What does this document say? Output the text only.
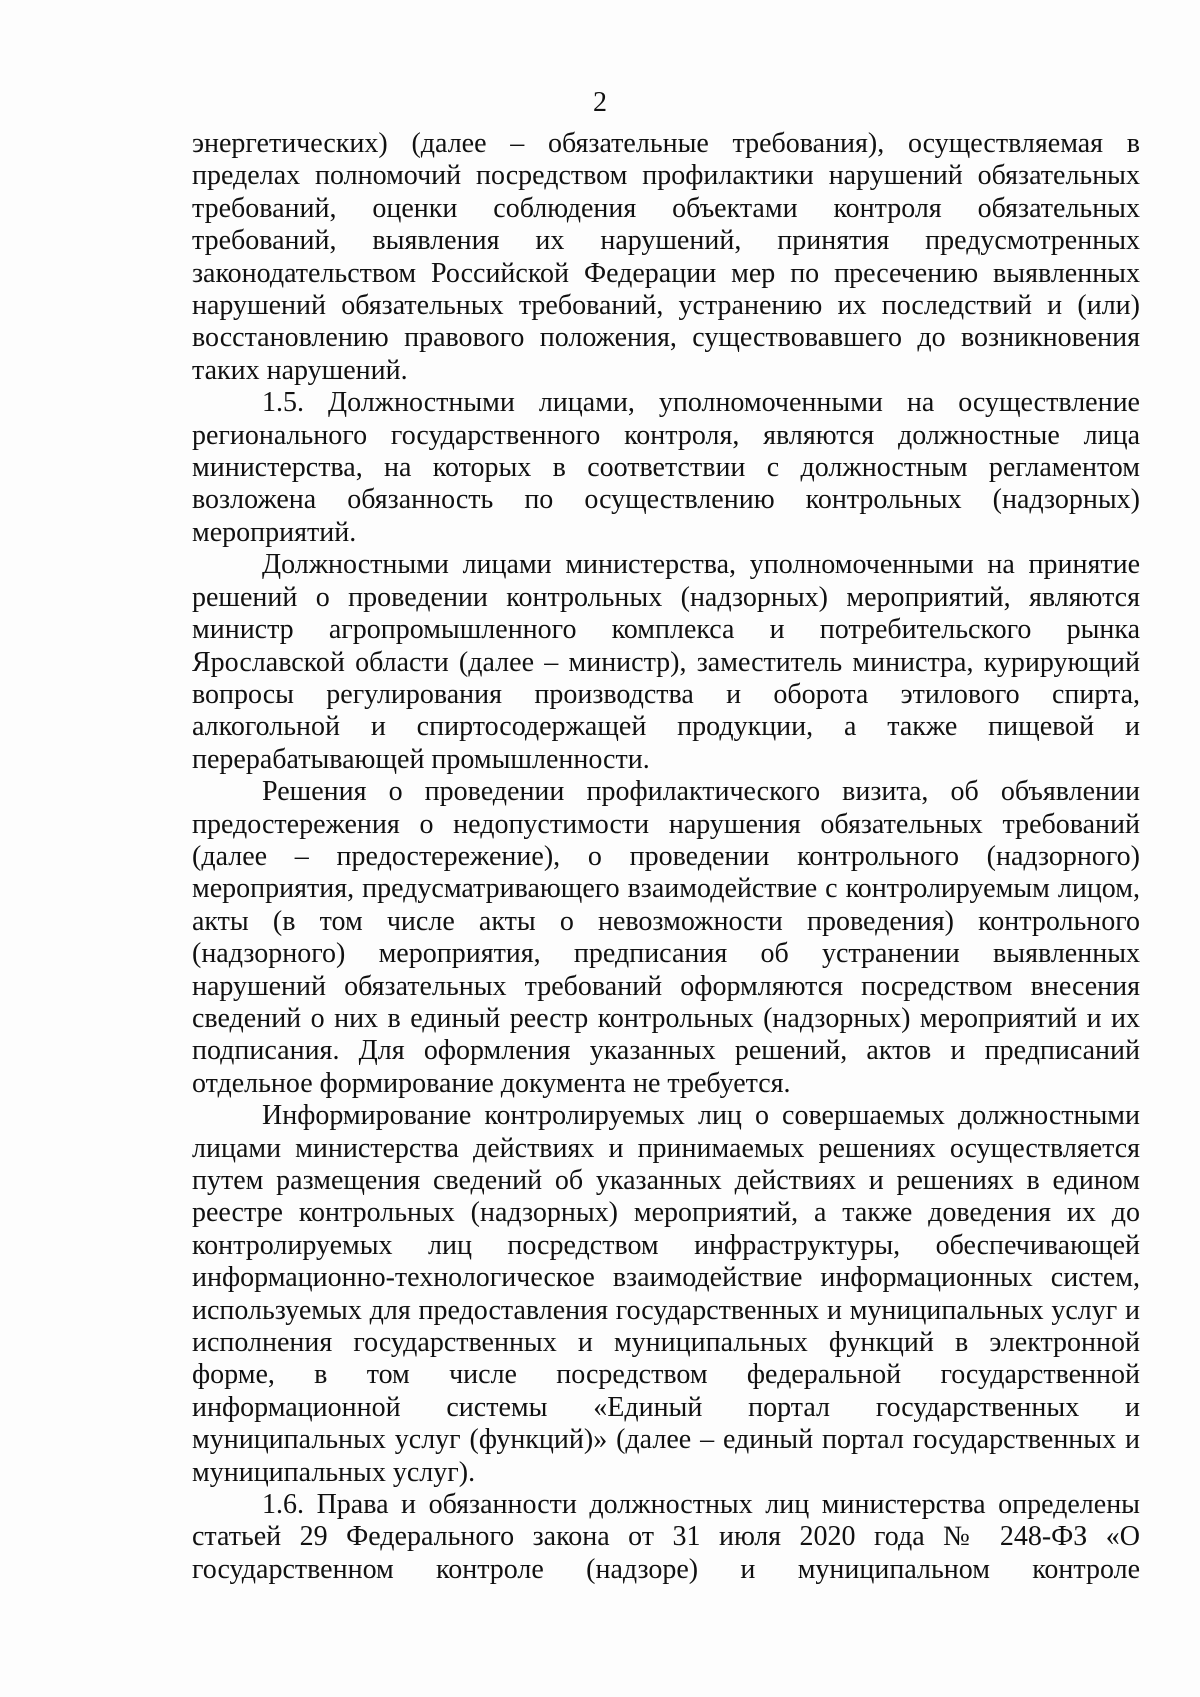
2

энергетических) (далее – обязательные требования), осуществляемая в пределах полномочий посредством профилактики нарушений обязательных требований, оценки соблюдения объектами контроля обязательных требований, выявления их нарушений, принятия предусмотренных законодательством Российской Федерации мер по пресечению выявленных нарушений обязательных требований, устранению их последствий и (или) восстановлению правового положения, существовавшего до возникновения таких нарушений.

1.5. Должностными лицами, уполномоченными на осуществление регионального государственного контроля, являются должностные лица министерства, на которых в соответствии с должностным регламентом возложена обязанность по осуществлению контрольных (надзорных) мероприятий.

Должностными лицами министерства, уполномоченными на принятие решений о проведении контрольных (надзорных) мероприятий, являются министр агропромышленного комплекса и потребительского рынка Ярославской области (далее – министр), заместитель министра, курирующий вопросы регулирования производства и оборота этилового спирта, алкогольной и спиртосодержащей продукции, а также пищевой и перерабатывающей промышленности.

Решения о проведении профилактического визита, об объявлении предостережения о недопустимости нарушения обязательных требований (далее – предостережение), о проведении контрольного (надзорного) мероприятия, предусматривающего взаимодействие с контролируемым лицом, акты (в том числе акты о невозможности проведения) контрольного (надзорного) мероприятия, предписания об устранении выявленных нарушений обязательных требований оформляются посредством внесения сведений о них в единый реестр контрольных (надзорных) мероприятий и их подписания. Для оформления указанных решений, актов и предписаний отдельное формирование документа не требуется.

Информирование контролируемых лиц о совершаемых должностными лицами министерства действиях и принимаемых решениях осуществляется путем размещения сведений об указанных действиях и решениях в едином реестре контрольных (надзорных) мероприятий, а также доведения их до контролируемых лиц посредством инфраструктуры, обеспечивающей информационно-технологическое взаимодействие информационных систем, используемых для предоставления государственных и муниципальных услуг и исполнения государственных и муниципальных функций в электронной форме, в том числе посредством федеральной государственной информационной системы «Единый портал государственных и муниципальных услуг (функций)» (далее – единый портал государственных и муниципальных услуг).

1.6. Права и обязанности должностных лиц министерства определены статьей 29 Федерального закона от 31 июля 2020 года № 248-ФЗ «О государственном контроле (надзоре) и муниципальном контроле
